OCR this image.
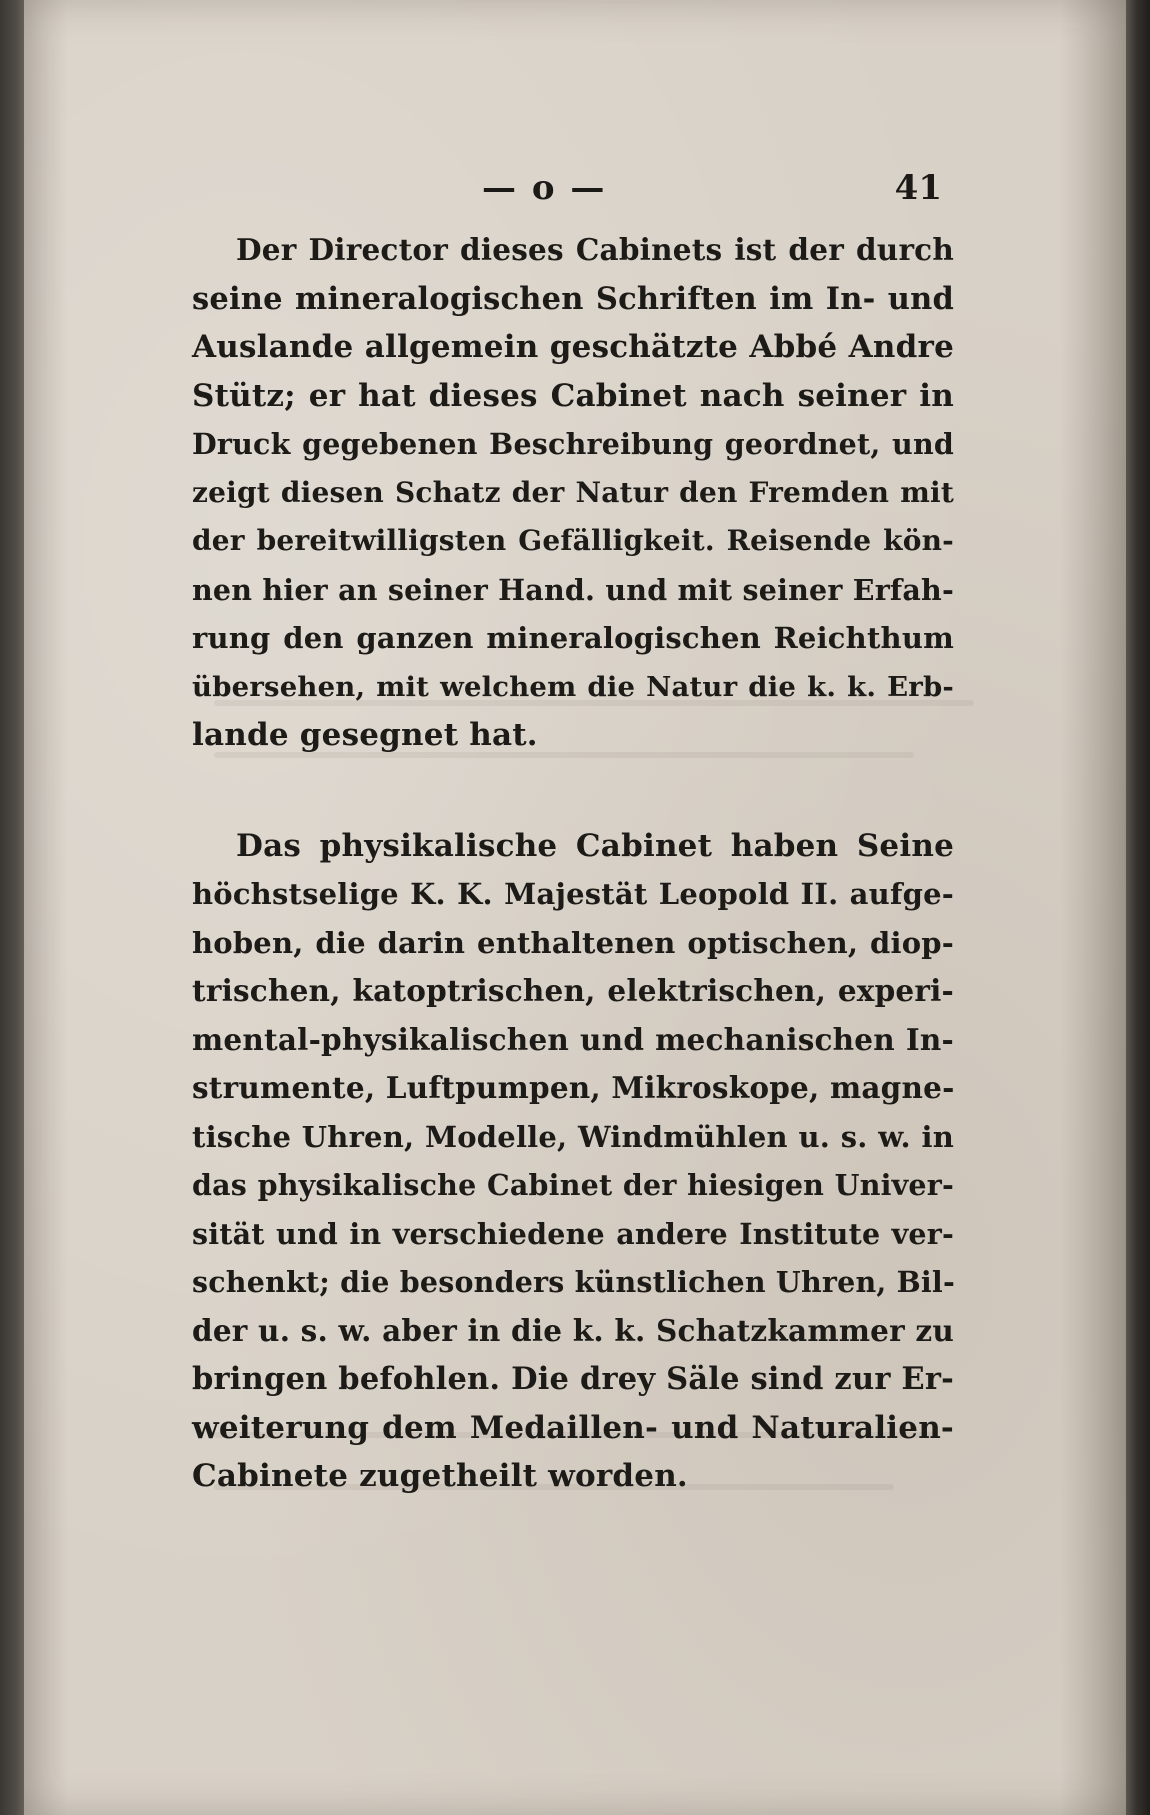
— o —	41
Der Director dieses Cabinets ist der durch
seine mineralogischen Schriften im In- und
Auslande allgemein geschätzte Abbé Andre
Stütz; er hat dieses Cabinet nach seiner in
Druck gegebenen Beschreibung geordnet, und
zeigt diesen Schatz der Natur den Fremden mit
der bereitwilligsten Gefälligkeit. Reisende kön-
nen hier an seiner Hand. und mit seiner Erfah-
rung den ganzen mineralogischen Reichthum
übersehen, mit welchem die Natur die k. k. Erb-
lande gesegnet hat.
Das physikalische Cabinet haben Seine
höchstselige K. K. Majestät Leopold II. aufge-
hoben, die darin enthaltenen optischen, diop-
trischen, katoptrischen, elektrischen, experi-
mental-physikalischen und mechanischen In-
strumente, Luftpumpen, Mikroskope, magne-
tische Uhren, Modelle, Windmühlen u. s. w. in
das physikalische Cabinet der hiesigen Univer-
sität und in verschiedene andere Institute ver-
schenkt; die besonders künstlichen Uhren, Bil-
der u. s. w. aber in die k. k. Schatzkammer zu
bringen befohlen. Die drey Säle sind zur Er-
weiterung dem Medaillen- und Naturalien-
Cabinete zugetheilt worden.
